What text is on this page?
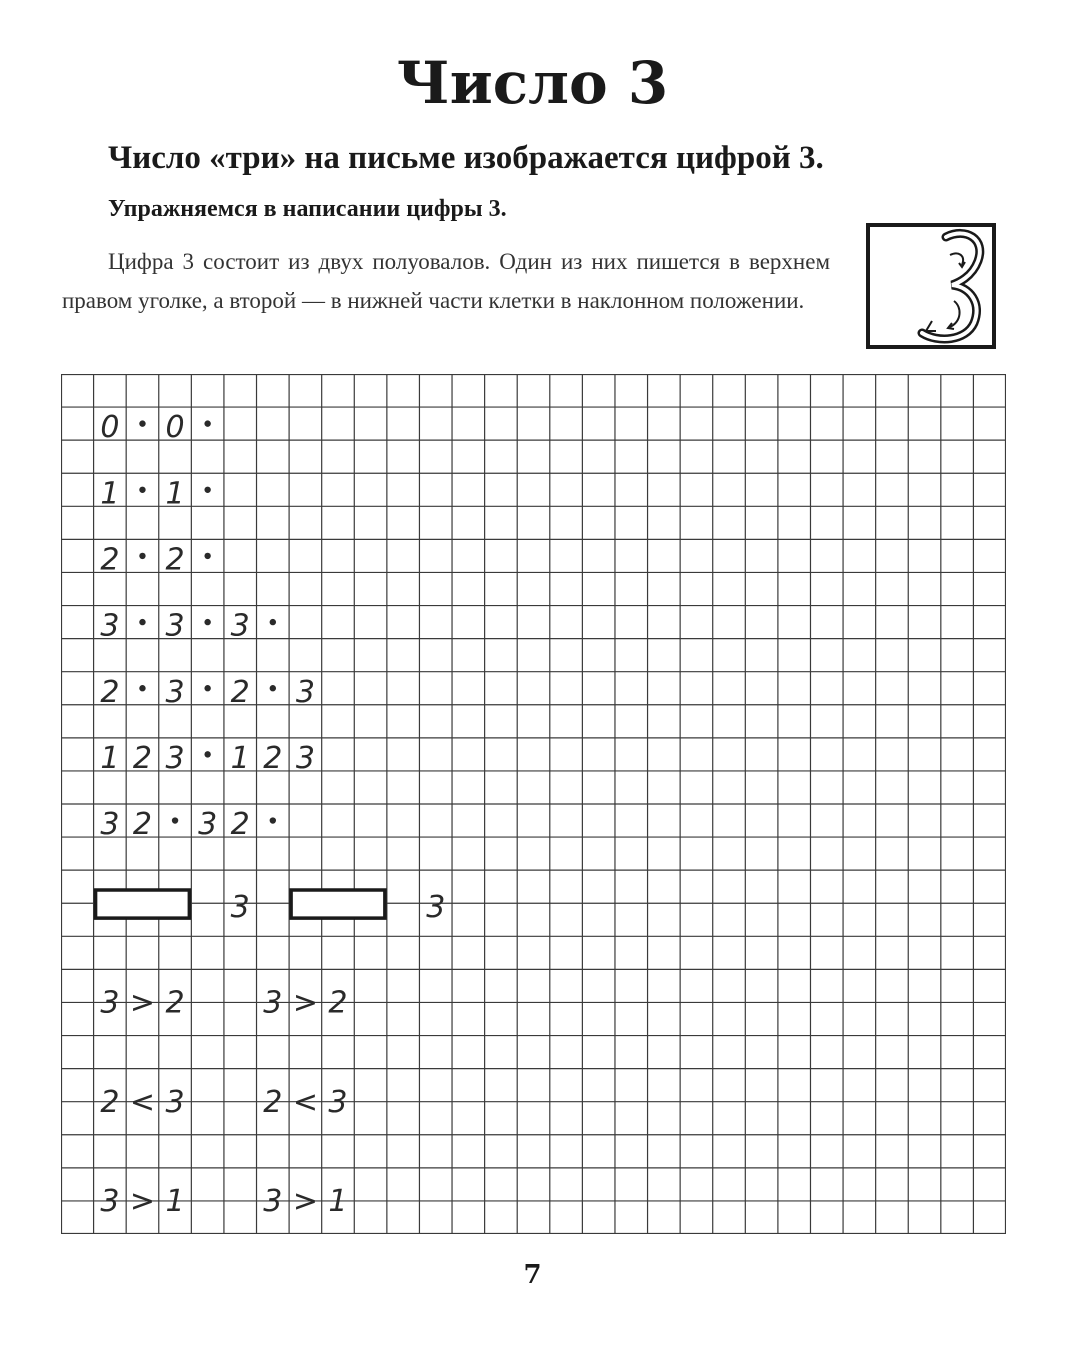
Число 3

Число «три» на письме изображается цифрой 3.

Упражняемся в написании цифры 3.

Цифра 3 состоит из двух полуовалов. Один из них пишется в верхнем правом уголке, а второй — в нижней части клетки в наклонном положении.

0 0
1 1
2 2
3 3 3
2 3 2 3
1 2 3 1 2 3
3 2 3 2
3	3
3 > 2	3 > 2
2 < 3	2 < 3
3 > 1	3 > 1
7
